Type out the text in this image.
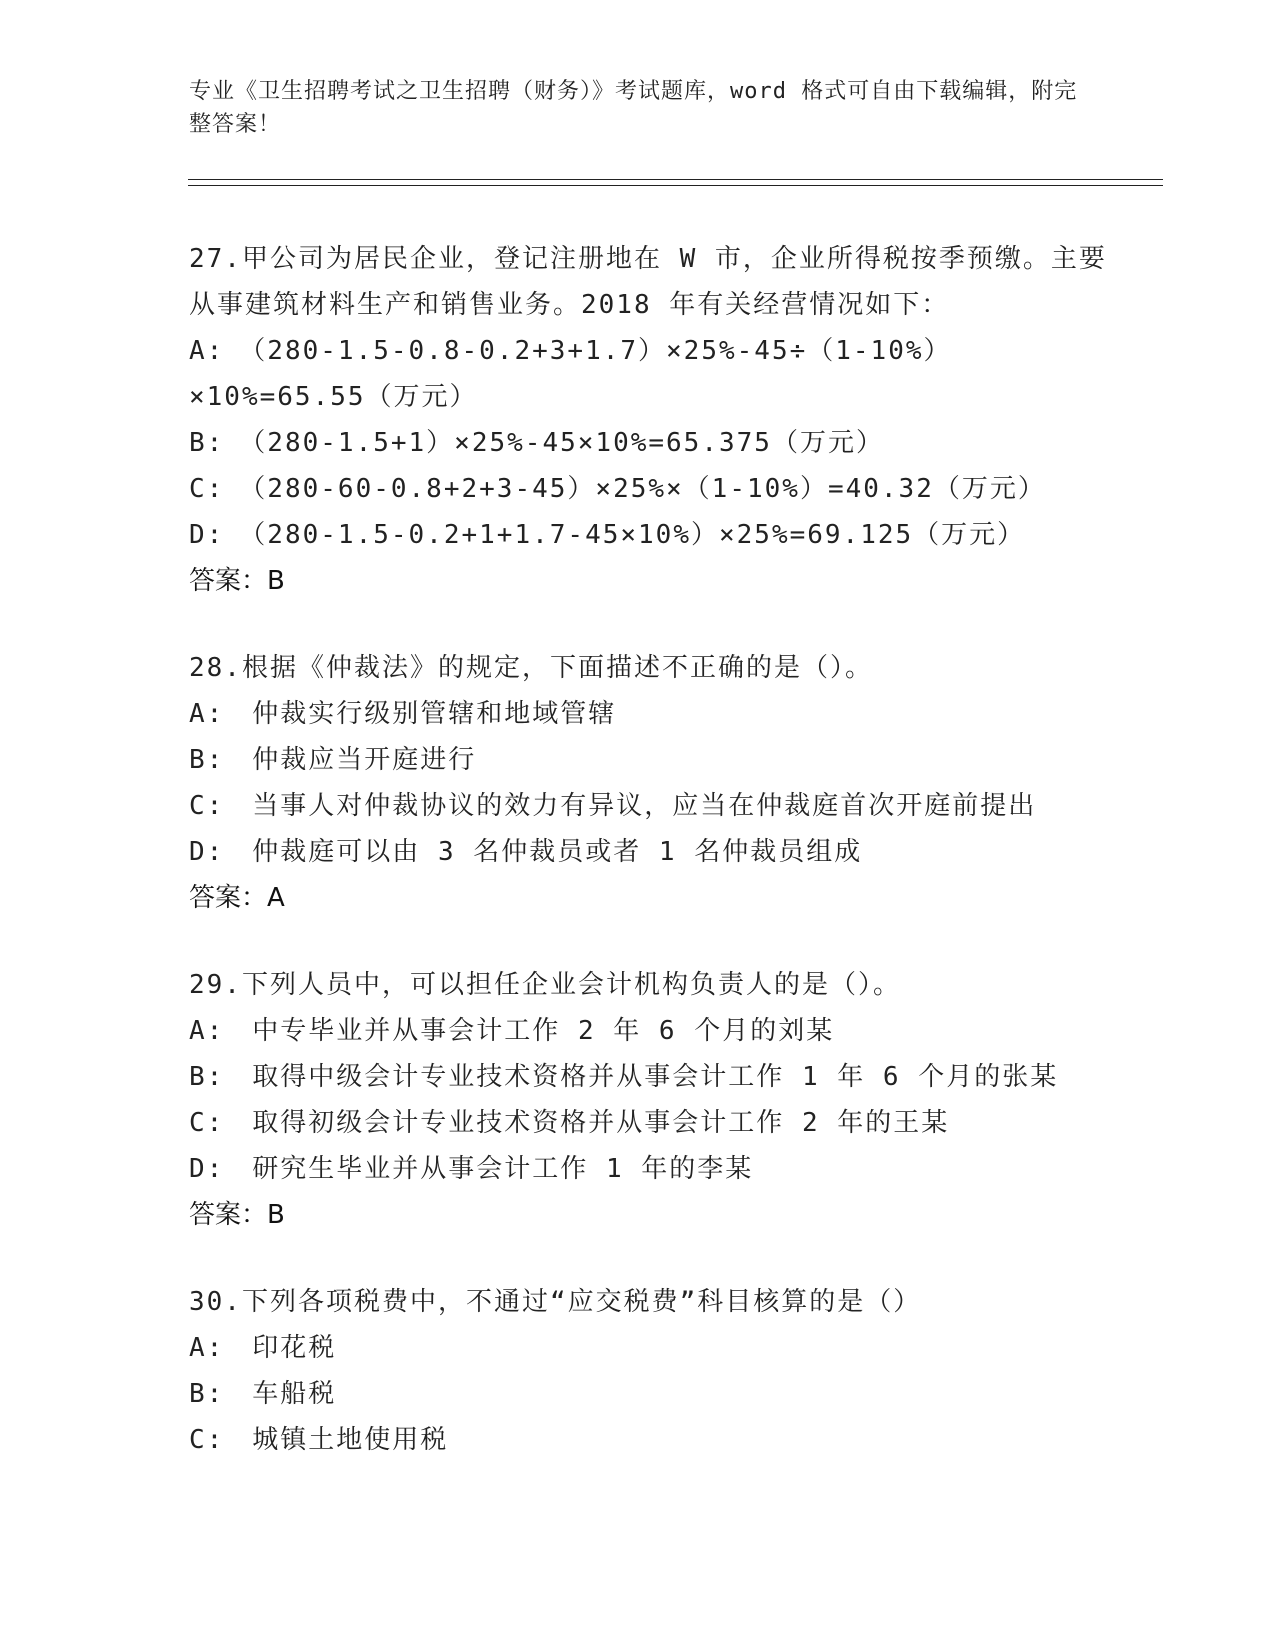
专业《卫生招聘考试之卫生招聘（财务）》考试题库，word 格式可自由下载编辑，附完整答案！
27.甲公司为居民企业，登记注册地在 W 市，企业所得税按季预缴。主要从事建筑材料生产和销售业务。2018 年有关经营情况如下：
A:　（280-1.5-0.8-0.2+3+1.7）×25%-45÷（1-10%）×10%=65.55（万元）
B:　（280-1.5+1）×25%-45×10%=65.375（万元）
C:　（280-60-0.8+2+3-45）×25%×（1-10%）=40.32（万元）
D:　（280-1.5-0.2+1+1.7-45×10%）×25%=69.125（万元）
答案：B
28.根据《仲裁法》的规定，下面描述不正确的是（）。
A:　仲裁实行级别管辖和地域管辖
B:　仲裁应当开庭进行
C:　当事人对仲裁协议的效力有异议，应当在仲裁庭首次开庭前提出
D:　仲裁庭可以由 3 名仲裁员或者 1 名仲裁员组成
答案：A
29.下列人员中，可以担任企业会计机构负责人的是（）。
A:　中专毕业并从事会计工作 2 年 6 个月的刘某
B:　取得中级会计专业技术资格并从事会计工作 1 年 6 个月的张某
C:　取得初级会计专业技术资格并从事会计工作 2 年的王某
D:　研究生毕业并从事会计工作 1 年的李某
答案：B
30.下列各项税费中，不通过“应交税费”科目核算的是（）
A:　印花税
B:　车船税
C:　城镇土地使用税
